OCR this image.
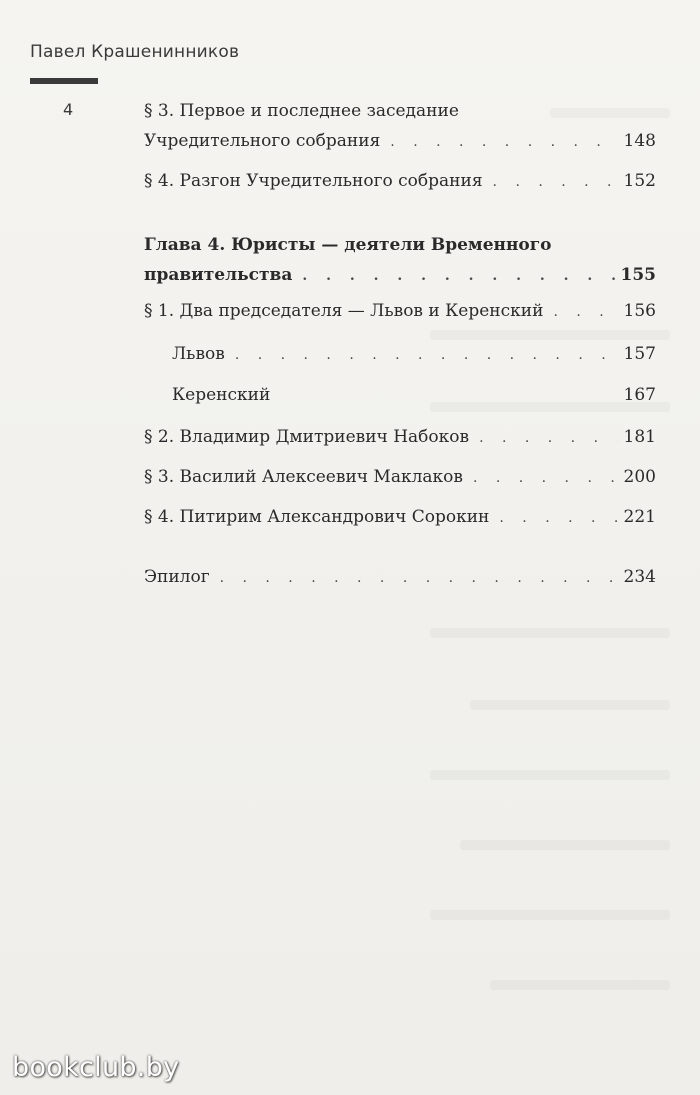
Павел Крашенинников
4	§ 3. Первое и последнее заседание
Учредительного собрания . . .	148
§ 4. Разгон Учредительного собрания . . .	152
Глава 4. Юристы — деятели Временного
правительства . . .	155
§ 1. Два председателя — Львов и Керенский . . .	156
Львов . . .	157
Керенский	167
§ 2. Владимир Дмитриевич Набоков . . .	181
§ 3. Василий Алексеевич Маклаков . . .	200
§ 4. Питирим Александрович Сорокин . . .	221
Эпилог . . .	234
bookclub.by
